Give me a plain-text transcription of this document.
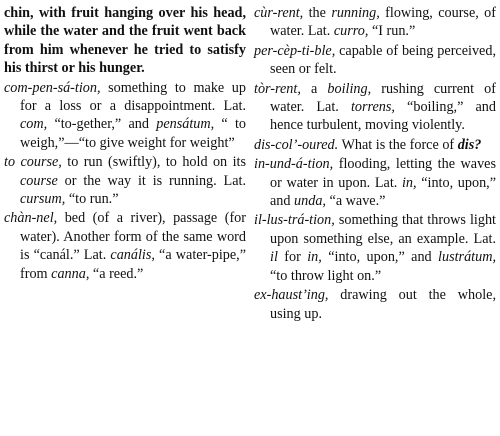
chin, with fruit hanging over his head, while the water and the fruit went back from him whenever he tried to satisfy his thirst or his hunger.

com-pen-sá-tion, something to make up for a loss or a disappointment. Lat. com, “to-gether,” and pensátum, “ to weigh,”—“to give weight for weight”

to course, to run (swiftly), to hold on its course or the way it is running. Lat. cursum, “to run.”

chàn-nel, bed (of a river), passage (for water). Another form of the same word is “canál.” Lat. canális, “a water-pipe,” from canna, “a reed.”

cùr-rent, the running, flowing, course, of water. Lat. curro, “I run.”

per-cèp-ti-ble, capable of being perceived, seen or felt.

tòr-rent, a boiling, rushing current of water. Lat. torrens, “boiling,” and hence turbulent, moving violently.

dis-col’-oured. What is the force of dis?

in-und-á-tion, flooding, letting the waves or water in upon. Lat. in, “into, upon,” and unda, “a wave.”

il-lus-trá-tion, something that throws light upon something else, an example. Lat. il for in, “into, upon,” and lustrátum, “to throw light on.”

ex-haust’ing, drawing out the whole, using up.
